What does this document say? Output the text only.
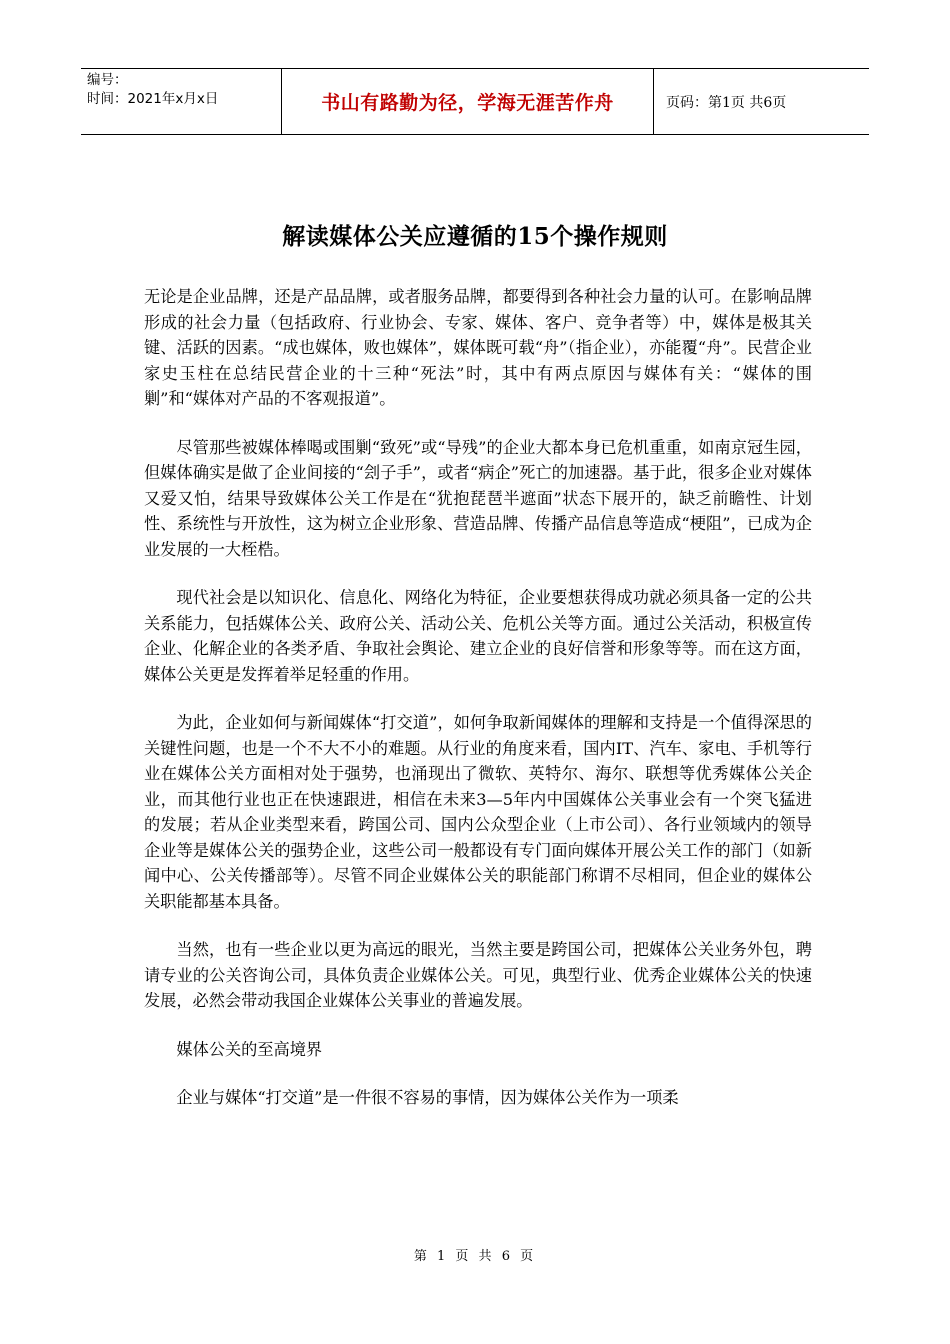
编号：
时间：2021年x月x日	书山有路勤为径，学海无涯苦作舟	页码：第1页 共6页
解读媒体公关应遵循的15个操作规则

无论是企业品牌，还是产品品牌，或者服务品牌，都要得到各种社会力量的认可。在影响品牌形成的社会力量（包括政府、行业协会、专家、媒体、客户、竞争者等）中，媒体是极其关键、活跃的因素。“成也媒体，败也媒体”，媒体既可载“舟”（指企业），亦能覆“舟”。民营企业家史玉柱在总结民营企业的十三种“死法”时，其中有两点原因与媒体有关：“媒体的围剿”和“媒体对产品的不客观报道”。

尽管那些被媒体棒喝或围剿“致死”或“导残”的企业大都本身已危机重重，如南京冠生园，但媒体确实是做了企业间接的“刽子手”，或者“病企”死亡的加速器。基于此，很多企业对媒体又爱又怕，结果导致媒体公关工作是在“犹抱琵琶半遮面”状态下展开的，缺乏前瞻性、计划性、系统性与开放性，这为树立企业形象、营造品牌、传播产品信息等造成“梗阻”，已成为企业发展的一大桎梏。

现代社会是以知识化、信息化、网络化为特征，企业要想获得成功就必须具备一定的公共关系能力，包括媒体公关、政府公关、活动公关、危机公关等方面。通过公关活动，积极宣传企业、化解企业的各类矛盾、争取社会舆论、建立企业的良好信誉和形象等等。而在这方面，媒体公关更是发挥着举足轻重的作用。

为此，企业如何与新闻媒体“打交道”，如何争取新闻媒体的理解和支持是一个值得深思的关键性问题，也是一个不大不小的难题。从行业的角度来看，国内IT、汽车、家电、手机等行业在媒体公关方面相对处于强势，也涌现出了微软、英特尔、海尔、联想等优秀媒体公关企业，而其他行业也正在快速跟进，相信在未来3—5年内中国媒体公关事业会有一个突飞猛进的发展；若从企业类型来看，跨国公司、国内公众型企业（上市公司）、各行业领域内的领导企业等是媒体公关的强势企业，这些公司一般都设有专门面向媒体开展公关工作的部门（如新闻中心、公关传播部等）。尽管不同企业媒体公关的职能部门称谓不尽相同，但企业的媒体公关职能都基本具备。

当然，也有一些企业以更为高远的眼光，当然主要是跨国公司，把媒体公关业务外包，聘请专业的公关咨询公司，具体负责企业媒体公关。可见，典型行业、优秀企业媒体公关的快速发展，必然会带动我国企业媒体公关事业的普遍发展。

媒体公关的至高境界

企业与媒体“打交道”是一件很不容易的事情，因为媒体公关作为一项柔

第 1 页 共 6 页
